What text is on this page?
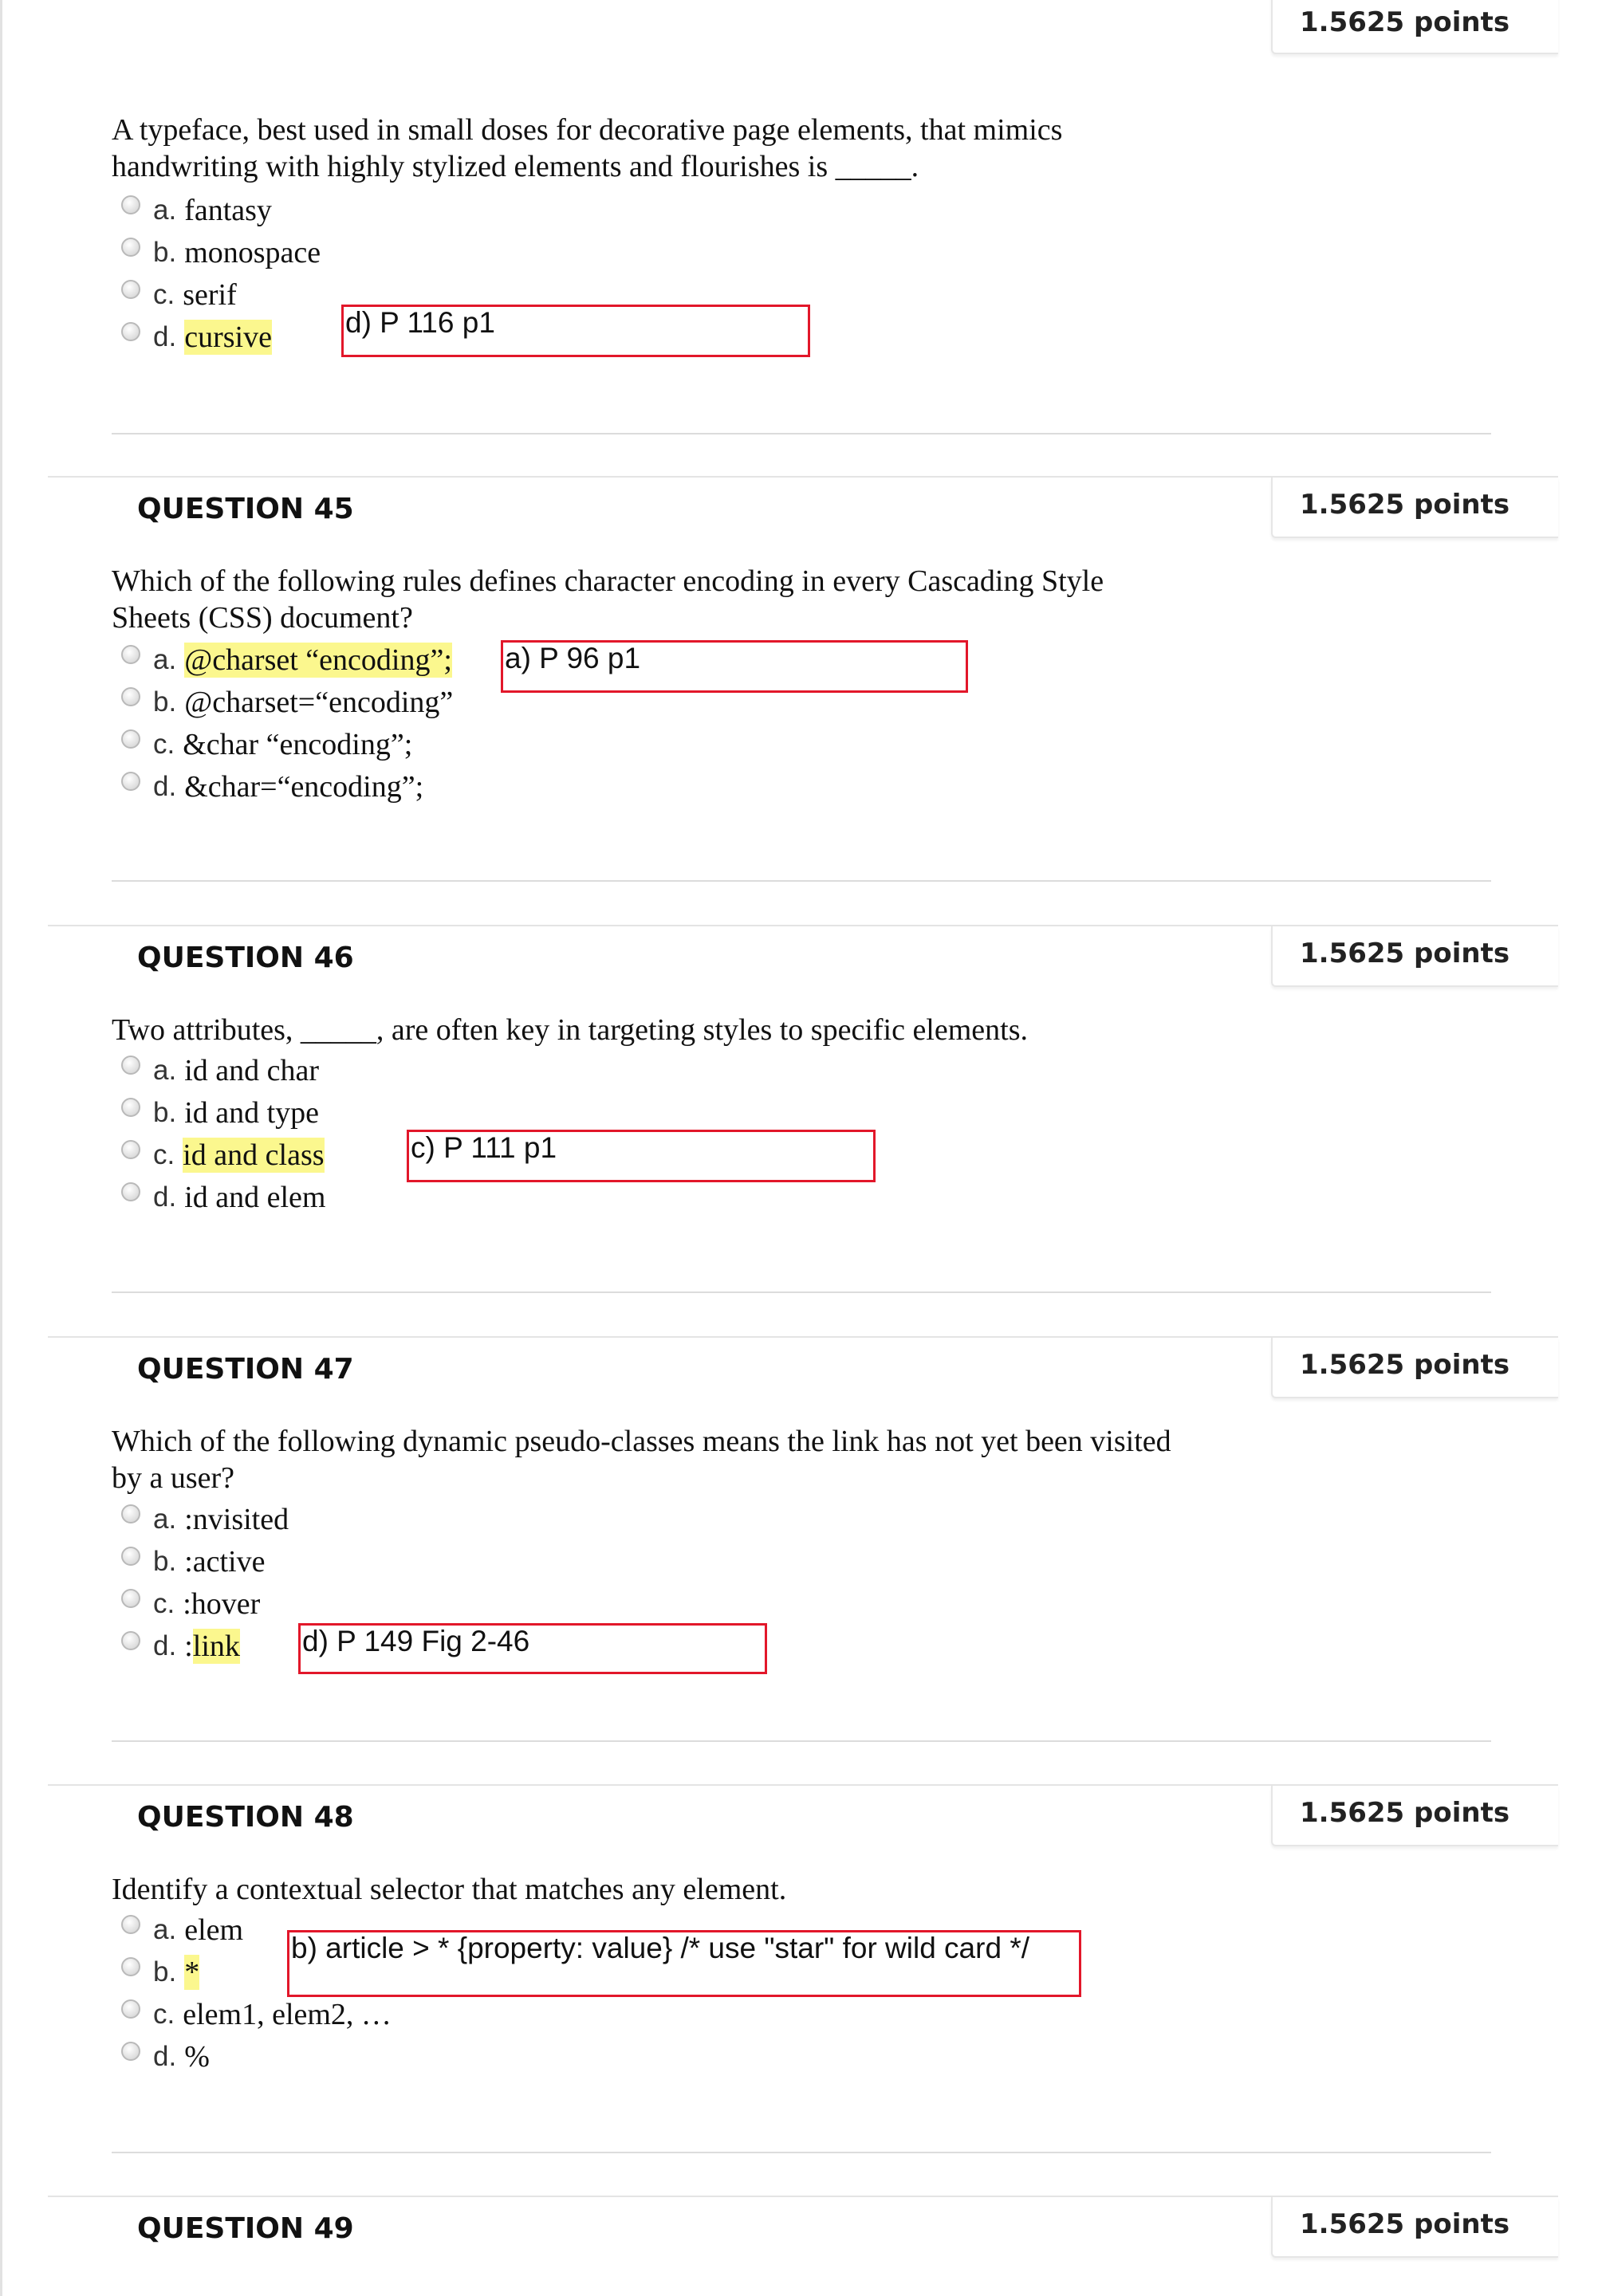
1.5625 points
A typeface, best used in small doses for decorative page elements, that mimics handwriting with highly stylized elements and flourishes is _____.
a. fantasy
b. monospace
c. serif
d. cursive d) P 116 p1
1.5625 points
QUESTION 45
Which of the following rules defines character encoding in every Cascading Style Sheets (CSS) document?
a. @charset “encoding”;
b. @charset=“encoding”
c. &char “encoding”;
d. &char=“encoding”;
a) P 96 p1
1.5625 points
QUESTION 46
Two attributes, _____, are often key in targeting styles to specific elements.
a. id and char
b. id and type
c. id and class
d. id and elem
c) P 111 p1
1.5625 points
QUESTION 47
Which of the following dynamic pseudo-classes means the link has not yet been visited by a user?
a. :nvisited
b. :active
c. :hover
d. : link d) P 149 Fig 2-46
1.5625 points
QUESTION 48
Identify a contextual selector that matches any element.
a. elem
b. *
c. elem1, elem2, …
d. %
b) article > * {property: value} /* use "star" for wild card */
1.5625 points
QUESTION 49
